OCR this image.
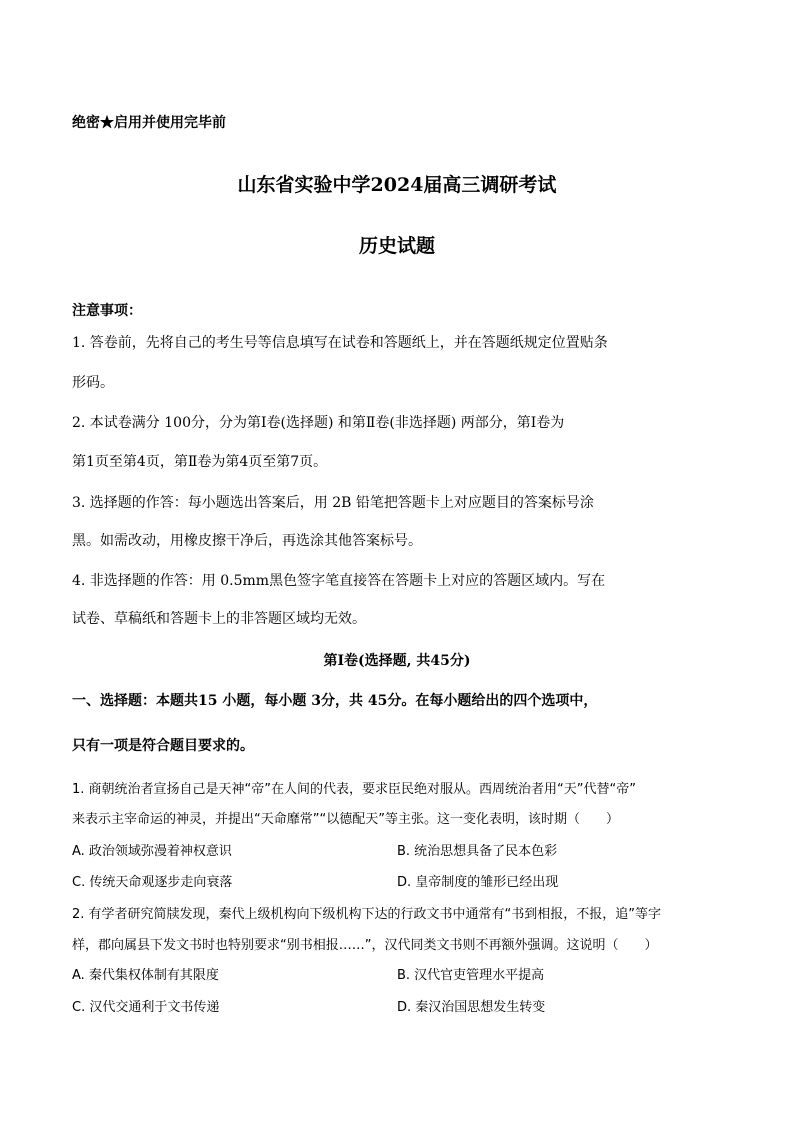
绝密★启用并使用完毕前
山东省实验中学2024届高三调研考试
历史试题
注意事项：
1. 答卷前，先将自己的考生号等信息填写在试卷和答题纸上，并在答题纸规定位置贴条
形码。
2. 本试卷满分 100分，分为第Ⅰ卷(选择题) 和第Ⅱ卷(非选择题) 两部分，第Ⅰ卷为
第1页至第4页，第Ⅱ卷为第4页至第7页。
3. 选择题的作答：每小题选出答案后，用 2B 铅笔把答题卡上对应题目的答案标号涂
黑。如需改动，用橡皮擦干净后，再选涂其他答案标号。
4. 非选择题的作答：用 0.5mm黑色签字笔直接答在答题卡上对应的答题区域内。写在
试卷、草稿纸和答题卡上的非答题区域均无效。
第Ⅰ卷(选择题, 共45分)
一、选择题：本题共15 小题，每小题 3分，共 45分。在每小题给出的四个选项中，
只有一项是符合题目要求的。
1. 商朝统治者宣扬自己是天神“帝”在人间的代表，要求臣民绝对服从。西周统治者用“天”代替“帝”
来表示主宰命运的神灵，并提出“天命靡常”“以德配天”等主张。这一变化表明，该时期（　　）
A. 政治领域弥漫着神权意识	B. 统治思想具备了民本色彩
C. 传统天命观逐步走向衰落	D. 皇帝制度的雏形已经出现
2. 有学者研究简牍发现，秦代上级机构向下级机构下达的行政文书中通常有“书到相报，不报，追”等字
样，郡向属县下发文书时也特别要求“别书相报……”，汉代同类文书则不再额外强调。这说明（　　）
A. 秦代集权体制有其限度	B. 汉代官吏管理水平提高
C. 汉代交通利于文书传递	D. 秦汉治国思想发生转变
